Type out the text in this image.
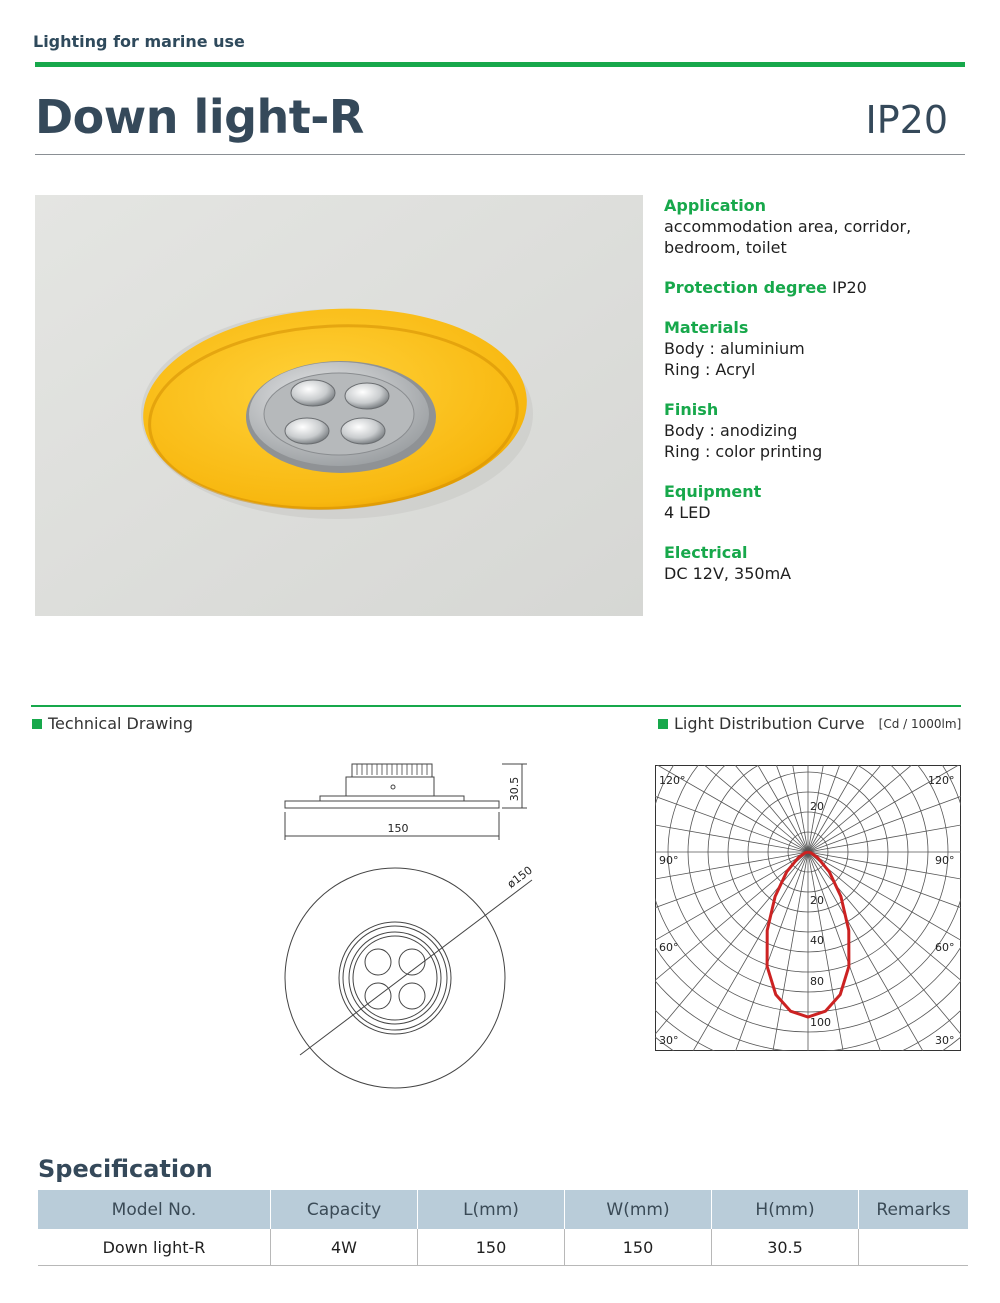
Lighting for marine use
Down light-R	IP20
Application
accommodation area, corridor,
bedroom, toilet
Protection degree IP20
Materials
Body : aluminium
Ring : Acryl
Finish
Body : anodizing
Ring : color printing
Equipment
4 LED
Electrical
DC 12V, 350mA
Technical Drawing	Light Distribution Curve [Cd / 1000lm]
30.5
150
ø150
120°	120°
90°	90°
60°	60°
30°	30°
20
20
40
80
100
Specification
Model No.	Capacity	L(mm)	W(mm)	H(mm)	Remarks
Down light-R	4W	150	150	30.5	
